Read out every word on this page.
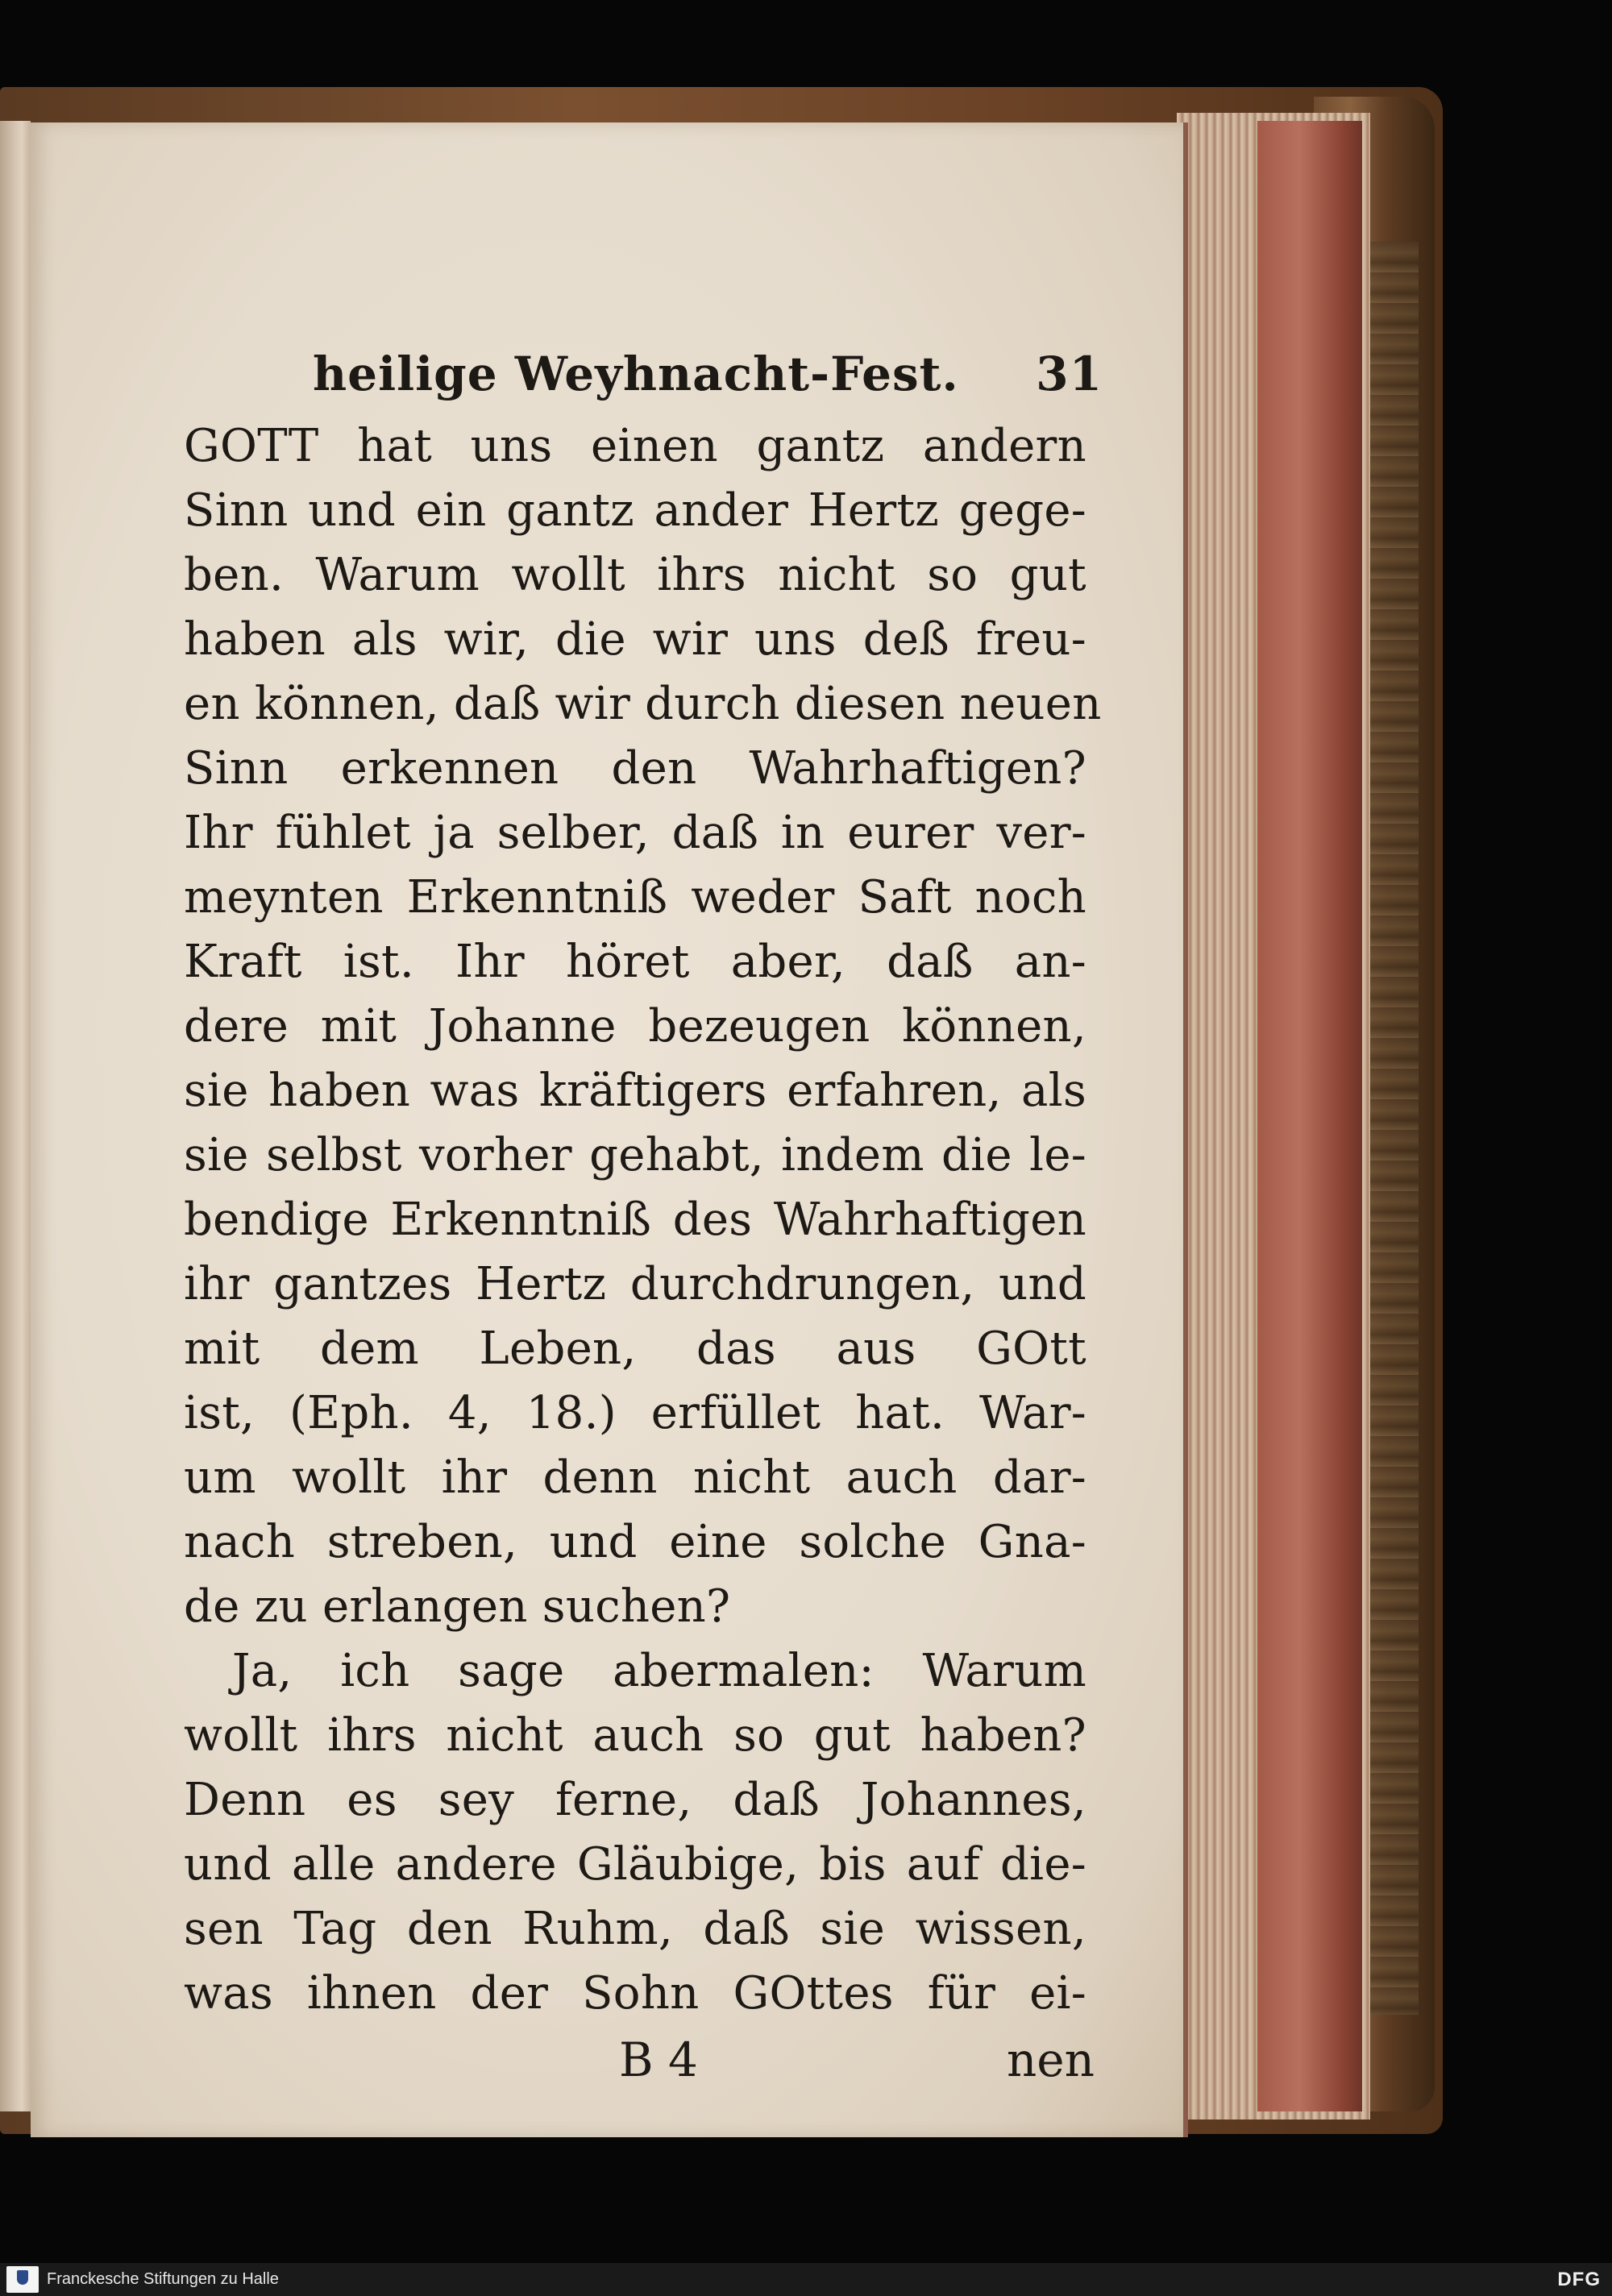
heilige Weyhnacht-Fest. 31
GOTT hat uns einen gantz andern
Sinn und ein gantz ander Hertz gege-
ben. Warum wollt ihrs nicht so gut
haben als wir, die wir uns deß freu-
en können, daß wir durch diesen neuen
Sinn erkennen den Wahrhaftigen?
Ihr fühlet ja selber, daß in eurer ver-
meynten Erkenntniß weder Saft noch
Kraft ist. Ihr höret aber, daß an-
dere mit Johanne bezeugen können,
sie haben was kräftigers erfahren, als
sie selbst vorher gehabt, indem die le-
bendige Erkenntniß des Wahrhaftigen
ihr gantzes Hertz durchdrungen, und
mit dem Leben, das aus GOtt
ist, (Eph. 4, 18.) erfüllet hat. War-
um wollt ihr denn nicht auch dar-
nach streben, und eine solche Gna-
de zu erlangen suchen?
Ja, ich sage abermalen: Warum
wollt ihrs nicht auch so gut haben?
Denn es sey ferne, daß Johannes,
und alle andere Gläubige, bis auf die-
sen Tag den Ruhm, daß sie wissen,
was ihnen der Sohn GOttes für ei-
B 4	nen
Franckesche Stiftungen zu Halle	DFG
